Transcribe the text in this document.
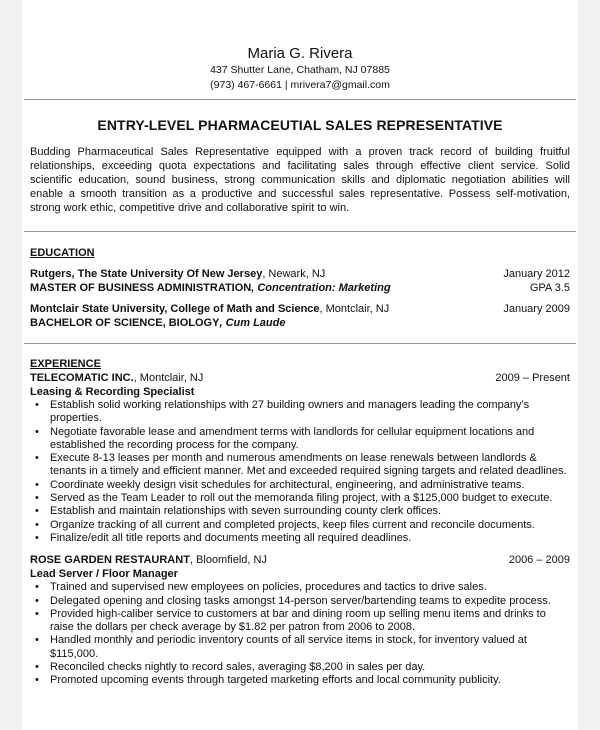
Maria G. Rivera
437 Shutter Lane, Chatham, NJ 07885
(973) 467-6661 | mrivera7@gmail.com
ENTRY-LEVEL PHARMACEUTIAL SALES REPRESENTATIVE
Budding Pharmaceutical Sales Representative equipped with a proven track record of building fruitful relationships, exceeding quota expectations and facilitating sales through effective client service. Solid scientific education, sound business, strong communication skills and diplomatic negotiation abilities will enable a smooth transition as a productive and successful sales representative. Possess self-motivation, strong work ethic, competitive drive and collaborative spirit to win.
EDUCATION
Rutgers, The State University Of New Jersey, Newark, NJ	January 2012
MASTER OF BUSINESS ADMINISTRATION, Concentration: Marketing	GPA 3.5
Montclair State University, College of Math and Science, Montclair, NJ	January 2009
BACHELOR OF SCIENCE, BIOLOGY, Cum Laude
EXPERIENCE
TELECOMATIC INC., Montclair, NJ	2009 – Present
Leasing & Recording Specialist
• Establish solid working relationships with 27 building owners and managers leading the company’s properties.
• Negotiate favorable lease and amendment terms with landlords for cellular equipment locations and established the recording process for the company.
• Execute 8-13 leases per month and numerous amendments on lease renewals between landlords & tenants in a timely and efficient manner. Met and exceeded required signing targets and related deadlines.
• Coordinate weekly design visit schedules for architectural, engineering, and administrative teams.
• Served as the Team Leader to roll out the memoranda filing project, with a $125,000 budget to execute.
• Establish and maintain relationships with seven surrounding county clerk offices.
• Organize tracking of all current and completed projects, keep files current and reconcile documents.
• Finalize/edit all title reports and documents meeting all required deadlines.
ROSE GARDEN RESTAURANT, Bloomfield, NJ	2006 – 2009
Lead Server / Floor Manager
• Trained and supervised new employees on policies, procedures and tactics to drive sales.
• Delegated opening and closing tasks amongst 14-person server/bartending teams to expedite process.
• Provided high-caliber service to customers at bar and dining room up selling menu items and drinks to raise the dollars per check average by $1.82 per patron from 2006 to 2008.
• Handled monthly and periodic inventory counts of all service items in stock, for inventory valued at $115,000.
• Reconciled checks nightly to record sales, averaging $8,200 in sales per day.
• Promoted upcoming events through targeted marketing efforts and local community publicity.
